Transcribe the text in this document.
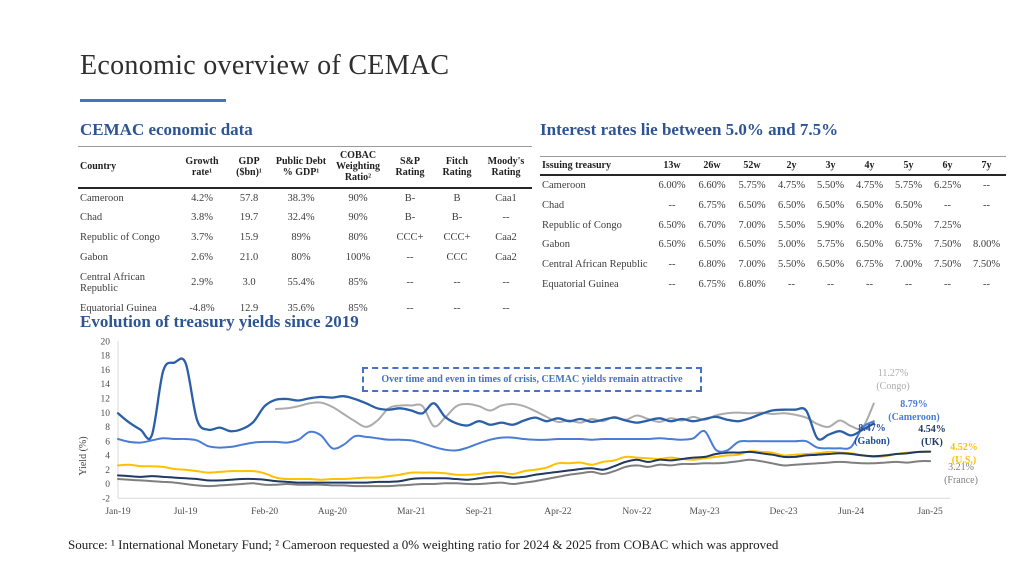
Economic overview of CEMAC
CEMAC economic data	Interest rates lie between 5.0% and 7.5%
Country	Growth rate¹	GDP ($bn)¹	Public Debt % GDP¹	COBAC Weighting Ratio²	S&P Rating	Fitch Rating	Moody's Rating
Cameroon	4.2%	57.8	38.3%	90%	B-	B	Caa1
Chad	3.8%	19.7	32.4%	90%	B-	B-	--
Republic of Congo	3.7%	15.9	89%	80%	CCC+	CCC+	Caa2
Gabon	2.6%	21.0	80%	100%	--	CCC	Caa2
Central African Republic	2.9%	3.0	55.4%	85%	--	--	--
Equatorial Guinea	-4.8%	12.9	35.6%	85%	--	--	--
Issuing treasury	13w	26w	52w	2y	3y	4y	5y	6y	7y
Cameroon	6.00%	6.60%	5.75%	4.75%	5.50%	4.75%	5.75%	6.25%	--
Chad	--	6.75%	6.50%	6.50%	6.50%	6.50%	6.50%	--	--
Republic of Congo	6.50%	6.70%	7.00%	5.50%	5.90%	6.20%	6.50%	7.25%	
Gabon	6.50%	6.50%	6.50%	5.00%	5.75%	6.50%	6.75%	7.50%	8.00%
Central African Republic	--	6.80%	7.00%	5.50%	6.50%	6.75%	7.00%	7.50%	7.50%
Equatorial Guinea	--	6.75%	6.80%	--	--	--	--	--	--
Evolution of treasury yields since 2019
20
18
16
14
12
10
8
6
4
2
0
-2
Jan-19	Jul-19	Feb-20	Aug-20	Mar-21	Sep-21	Apr-22	Nov-22	May-23	Dec-23	Jun-24	Jan-25
Yield (%)
Over time and even in times of crisis, CEMAC yields remain attractive
11.27%
(Congo)
3.21%
(France)
4.52%
(U.S.)
4.54%
(UK)
8.79%
(Cameroon)
8.47%
(Gabon)
Source: ¹ International Monetary Fund; ² Cameroon requested a 0% weighting ratio for 2024 & 2025 from COBAC which was approved
